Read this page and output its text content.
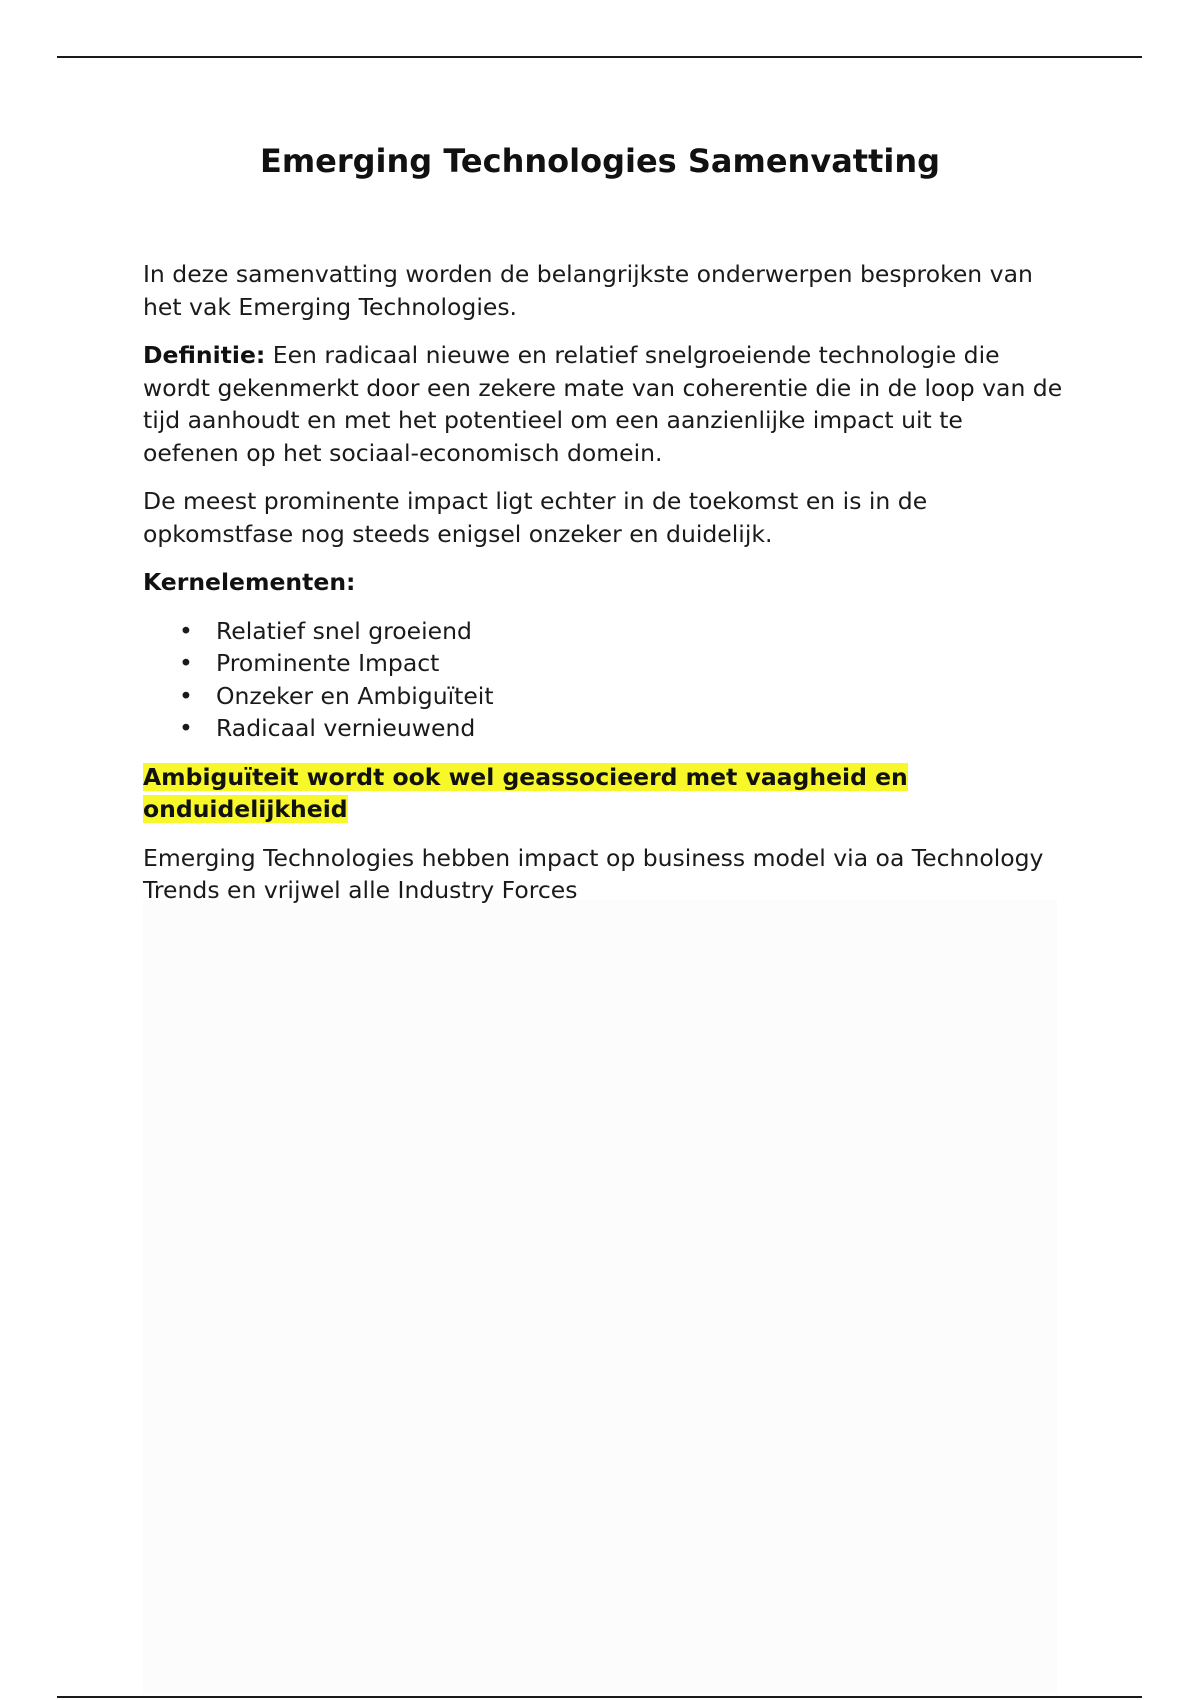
Emerging Technologies Samenvatting

In deze samenvatting worden de belangrijkste onderwerpen besproken van het vak Emerging Technologies.

Definitie: Een radicaal nieuwe en relatief snelgroeiende technologie die wordt gekenmerkt door een zekere mate van coherentie die in de loop van de tijd aanhoudt en met het potentieel om een aanzienlijke impact uit te oefenen op het sociaal-economisch domein.

De meest prominente impact ligt echter in de toekomst en is in de opkomstfase nog steeds enigsel onzeker en duidelijk.

Kernelementen:

• Relatief snel groeiend
• Prominente Impact
• Onzeker en Ambiguïteit
• Radicaal vernieuwend

Ambiguïteit wordt ook wel geassocieerd met vaagheid en onduidelijkheid

Emerging Technologies hebben impact op business model via oa Technology Trends en vrijwel alle Industry Forces
